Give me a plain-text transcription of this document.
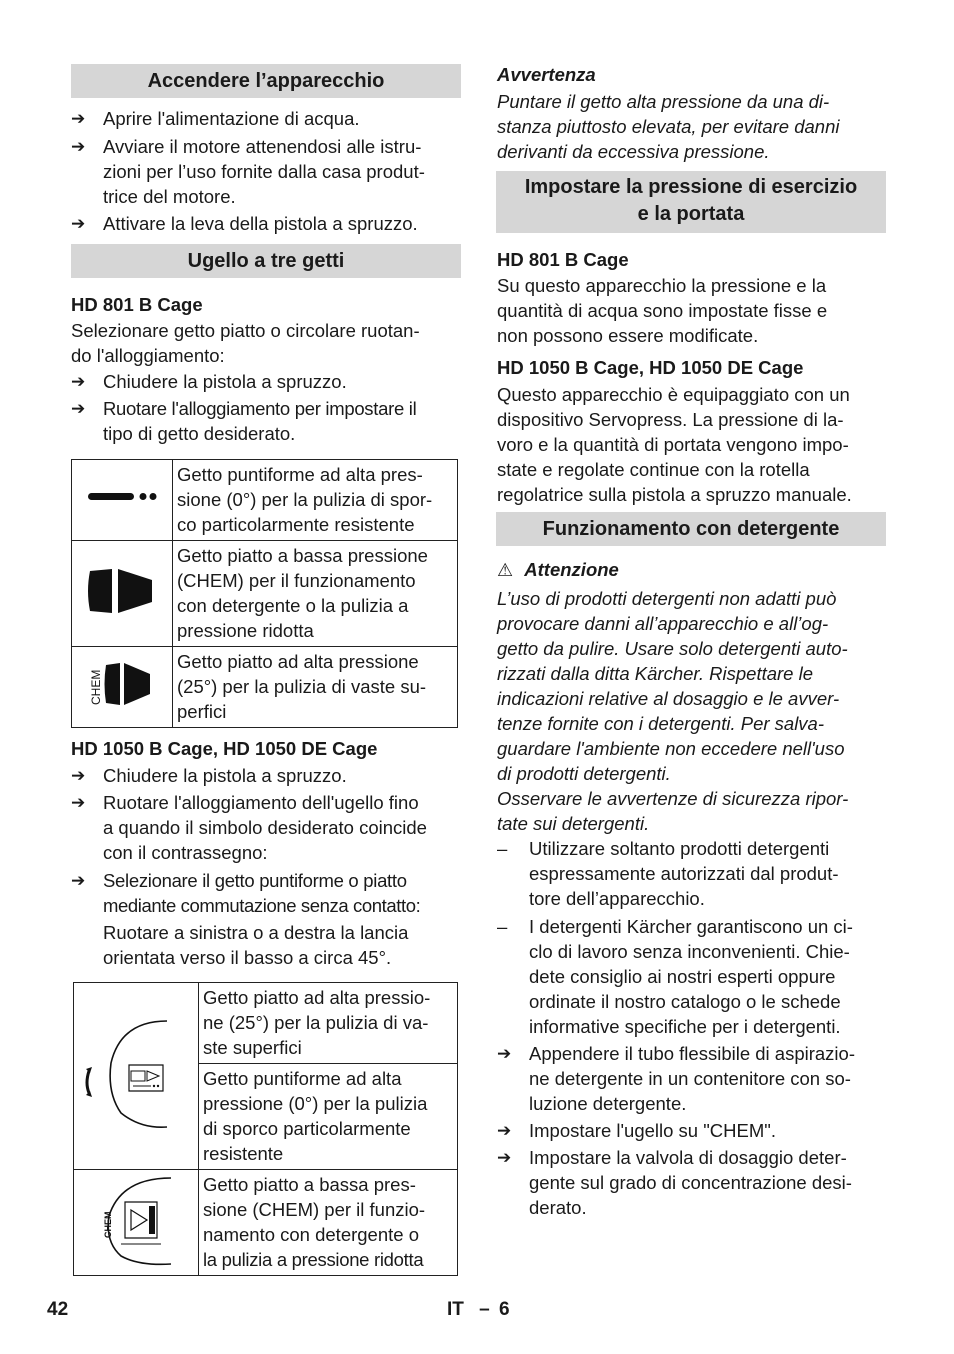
Accendere l’apparecchio
➔ Aprire l'alimentazione di acqua.
➔ Avviare il motore attenendosi alle istru-
zioni per l’uso fornite dalla casa produt-
trice del motore.
➔ Attivare la leva della pistola a spruzzo.
Ugello a tre getti
HD 801 B Cage
Selezionare getto piatto o circolare ruotan-
do l'alloggiamento:
➔ Chiudere la pistola a spruzzo.
➔ Ruotare l'alloggiamento per impostare il
tipo di getto desiderato.

Getto puntiforme ad alta pres-
sione (0°) per la pulizia di spor-
co particolarmente resistente

Getto piatto a bassa pressione
(CHEM) per il funzionamento
con detergente o la pulizia a
pressione ridotta

CHEM	Getto piatto ad alta pressione
(25°) per la pulizia di vaste su-
perfici
HD 1050 B Cage, HD 1050 DE Cage
➔ Chiudere la pistola a spruzzo.
➔ Ruotare l'alloggiamento dell'ugello fino
a quando il simbolo desiderato coincide
con il contrassegno:
➔ Selezionare il getto puntiforme o piatto
mediante commutazione senza contatto:
Ruotare a sinistra o a destra la lancia
orientata verso il basso a circa 45°.

Getto piatto ad alta pressio-
ne (25°) per la pulizia di va-
ste superfici

	Getto puntiforme ad alta
pressione (0°) per la pulizia
di sporco particolarmente
resistente

CHEM	Getto piatto a bassa pres-
sione (CHEM) per il funzio-
namento con detergente o
la pulizia a pressione ridotta
Avvertenza
Puntare il getto alta pressione da una di-
stanza piuttosto elevata, per evitare danni
derivanti da eccessiva pressione.
Impostare la pressione di esercizio
e la portata
HD 801 B Cage
Su questo apparecchio la pressione e la
quantità di acqua sono impostate fisse e
non possono essere modificate.
HD 1050 B Cage, HD 1050 DE Cage
Questo apparecchio è equipaggiato con un
dispositivo Servopress. La pressione di la-
voro e la quantità di portata vengono impo-
state e regolate continue con la rotella
regolatrice sulla pistola a spruzzo manuale.
Funzionamento con detergente
⚠ Attenzione
L’uso di prodotti detergenti non adatti può
provocare danni all’apparecchio e all’og-
getto da pulire. Usare solo detergenti auto-
rizzati dalla ditta Kärcher. Rispettare le
indicazioni relative al dosaggio e le avver-
tenze fornite con i detergenti. Per salva-
guardare l'ambiente non eccedere nell'uso
di prodotti detergenti.
Osservare le avvertenze di sicurezza ripor-
tate sui detergenti.
– Utilizzare soltanto prodotti detergenti
espressamente autorizzati dal produt-
tore dell’apparecchio.
– I detergenti Kärcher garantiscono un ci-
clo di lavoro senza inconvenienti. Chie-
dete consiglio ai nostri esperti oppure
ordinate il nostro catalogo o le schede
informative specifiche per i detergenti.
➔ Appendere il tubo flessibile di aspirazio-
ne detergente in un contenitore con so-
luzione detergente.
➔ Impostare l'ugello su "CHEM".
➔ Impostare la valvola di dosaggio deter-
gente sul grado di concentrazione desi-
derato.
42	IT – 6
